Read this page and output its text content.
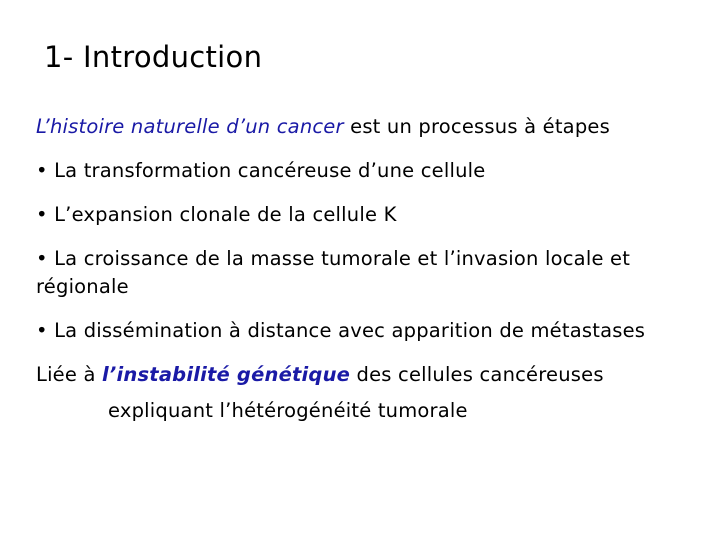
1- Introduction

L’histoire naturelle d’un cancer est un processus à étapes

• La transformation cancéreuse d’une cellule

• L’expansion clonale de la cellule K

• La croissance de la masse tumorale et l’invasion locale et régionale

• La dissémination à distance avec apparition de métastases

Liée à l’instabilité génétique des cellules cancéreuses

expliquant l’hétérogénéité tumorale
